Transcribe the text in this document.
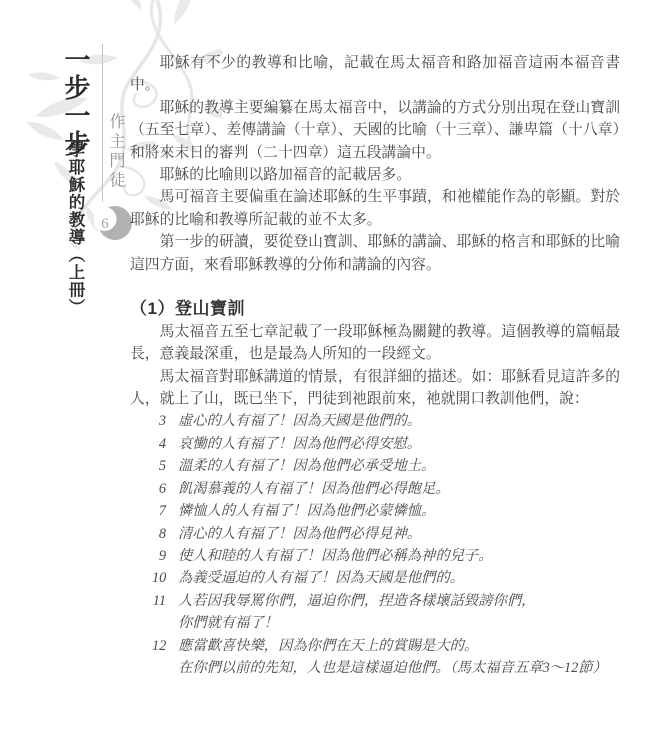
一步一步
學耶穌的教導（上冊） 作主門徒
6

耶穌有不少的教導和比喻，記載在馬太福音和路加福音這兩本福音書中。

耶穌的教導主要編纂在馬太福音中，以講論的方式分別出現在登山寶訓（五至七章）、差傳講論（十章）、天國的比喻（十三章）、謙卑篇（十八章）和將來末日的審判（二十四章）這五段講論中。

耶穌的比喻則以路加福音的記載居多。

馬可福音主要偏重在論述耶穌的生平事蹟，和祂權能作為的彰顯。對於耶穌的比喻和教導所記載的並不太多。

第一步的研讀，要從登山寶訓、耶穌的講論、耶穌的格言和耶穌的比喻這四方面，來看耶穌教導的分佈和講論的內容。

（1）登山寶訓

馬太福音五至七章記載了一段耶穌極為關鍵的教導。這個教導的篇幅最長，意義最深重，也是最為人所知的一段經文。

馬太福音對耶穌講道的情景，有很詳細的描述。如：耶穌看見這許多的人，就上了山，既已坐下，門徒到祂跟前來，祂就開口教訓他們，說：

3 虛心的人有福了！因為天國是他們的。
4 哀慟的人有福了！因為他們必得安慰。
5 溫柔的人有福了！因為他們必承受地土。
6 飢渴慕義的人有福了！因為他們必得飽足。
7 憐恤人的人有福了！因為他們必蒙憐恤。
8 清心的人有福了！因為他們必得見神。
9 使人和睦的人有福了！因為他們必稱為神的兒子。
10 為義受逼迫的人有福了！因為天國是他們的。
11 人若因我辱罵你們，逼迫你們，捏造各樣壞話毀謗你們，
你們就有福了！
12 應當歡喜快樂，因為你們在天上的賞賜是大的。
在你們以前的先知，人也是這樣逼迫他們。（馬太福音五章3～12節）
